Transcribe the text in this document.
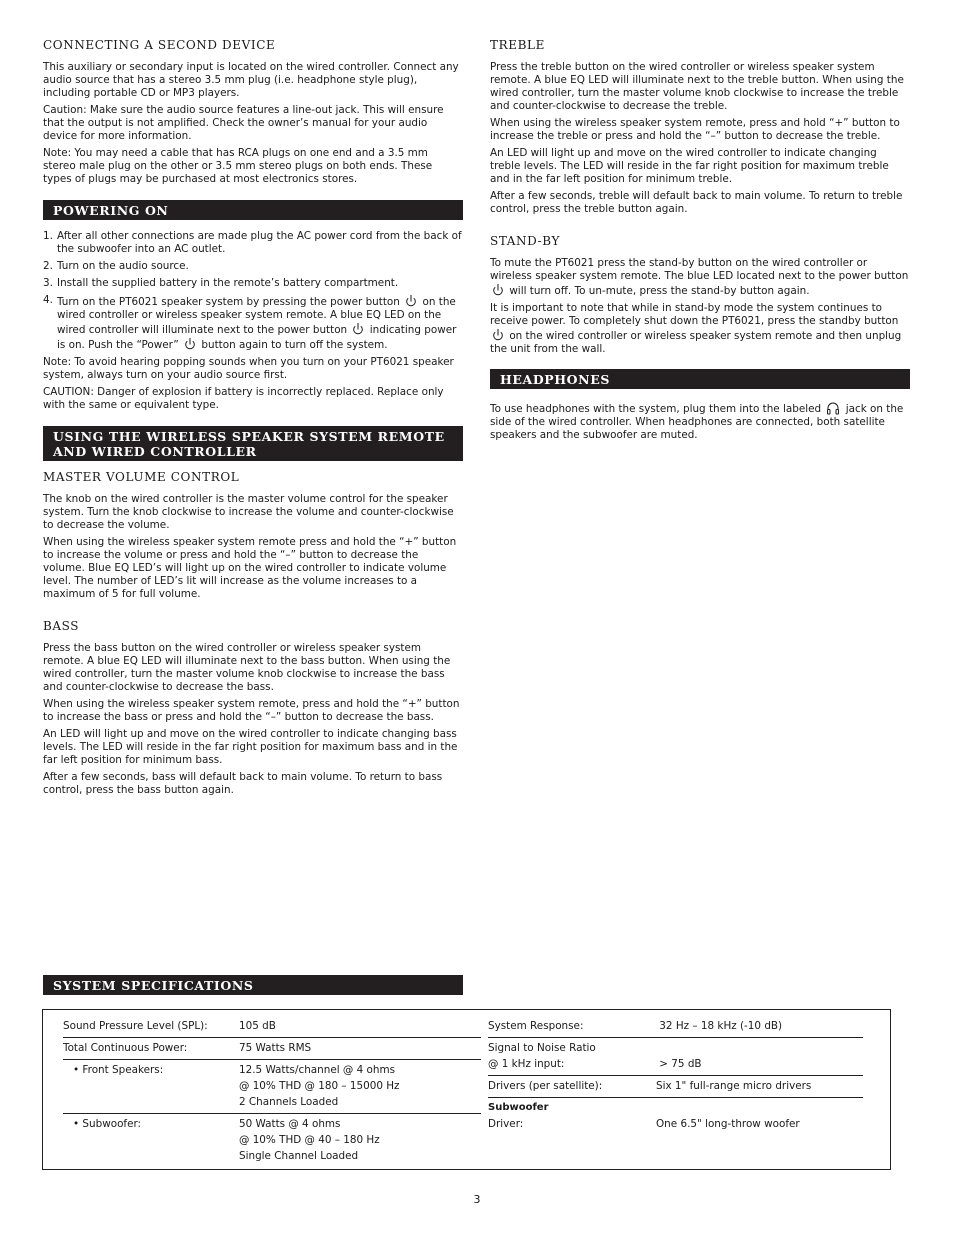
CONNECTING A SECOND DEVICE

This auxiliary or secondary input is located on the wired controller. Connect any audio source that has a stereo 3.5 mm plug (i.e. headphone style plug), including portable CD or MP3 players.

Caution: Make sure the audio source features a line-out jack. This will ensure that the output is not amplified. Check the owner’s manual for your audio device for more information.

Note: You may need a cable that has RCA plugs on one end and a 3.5 mm stereo male plug on the other or 3.5 mm stereo plugs on both ends. These types of plugs may be purchased at most electronics stores.

POWERING ON
1. After all other connections are made plug the AC power cord from the back of the subwoofer into an AC outlet.
2. Turn on the audio source.
3. Install the supplied battery in the remote’s battery compartment.
4. Turn on the PT6021 speaker system by pressing the power button on the wired controller or wireless speaker system remote. A blue EQ LED on the wired controller will illuminate next to the power button indicating power is on. Push the “Power” button again to turn off the system.

Note: To avoid hearing popping sounds when you turn on your PT6021 speaker system, always turn on your audio source first.

CAUTION: Danger of explosion if battery is incorrectly replaced. Replace only with the same or equivalent type.

USING THE WIRELESS SPEAKER SYSTEM REMOTE AND WIRED CONTROLLER
MASTER VOLUME CONTROL

The knob on the wired controller is the master volume control for the speaker system. Turn the knob clockwise to increase the volume and counter-clockwise to decrease the volume.

When using the wireless speaker system remote press and hold the “+” button to increase the volume or press and hold the “–” button to decrease the volume. Blue EQ LED’s will light up on the wired controller to indicate volume level. The number of LED’s lit will increase as the volume increases to a maximum of 5 for full volume.

BASS

Press the bass button on the wired controller or wireless speaker system remote. A blue EQ LED will illuminate next to the bass button. When using the wired controller, turn the master volume knob clockwise to increase the bass and counter-clockwise to decrease the bass.

When using the wireless speaker system remote, press and hold the “+” button to increase the bass or press and hold the “–” button to decrease the bass.

An LED will light up and move on the wired controller to indicate changing bass levels. The LED will reside in the far right position for maximum bass and in the far left position for minimum bass.

After a few seconds, bass will default back to main volume. To return to bass control, press the bass button again.

TREBLE

Press the treble button on the wired controller or wireless speaker system remote. A blue EQ LED will illuminate next to the treble button. When using the wired controller, turn the master volume knob clockwise to increase the treble and counter-clockwise to decrease the treble.

When using the wireless speaker system remote, press and hold “+” button to increase the treble or press and hold the “–” button to decrease the treble.

An LED will light up and move on the wired controller to indicate changing treble levels. The LED will reside in the far right position for maximum treble and in the far left position for minimum treble.

After a few seconds, treble will default back to main volume. To return to treble control, press the treble button again.

STAND-BY

To mute the PT6021 press the stand-by button on the wired controller or wireless speaker system remote. The blue LED located next to the power button  will turn off. To un-mute, press the stand-by button again.

It is important to note that while in stand-by mode the system continues to receive power. To completely shut down the PT6021, press the standby button  on the wired controller or wireless speaker system remote and then unplug the unit from the wall.

HEADPHONES

To use headphones with the system, plug them into the labeled jack on the side of the wired controller. When headphones are connected, both satellite speakers and the subwoofer are muted.

SYSTEM SPECIFICATIONS
Sound Pressure Level (SPL):	105 dB
Total Continuous Power:	75 Watts RMS
• Front Speakers:	12.5 Watts/channel @ 4 ohms
@ 10% THD @ 180 – 15000 Hz
2 Channels Loaded
• Subwoofer:	50 Watts @ 4 ohms
@ 10% THD @ 40 – 180 Hz
Single Channel Loaded
System Response:	32 Hz – 18 kHz (-10 dB)
Signal to Noise Ratio
@ 1 kHz input:
	> 75 dB
Drivers (per satellite):	Six 1" full-range micro drivers
Subwoofer
Driver:
	One 6.5" long-throw woofer
3
